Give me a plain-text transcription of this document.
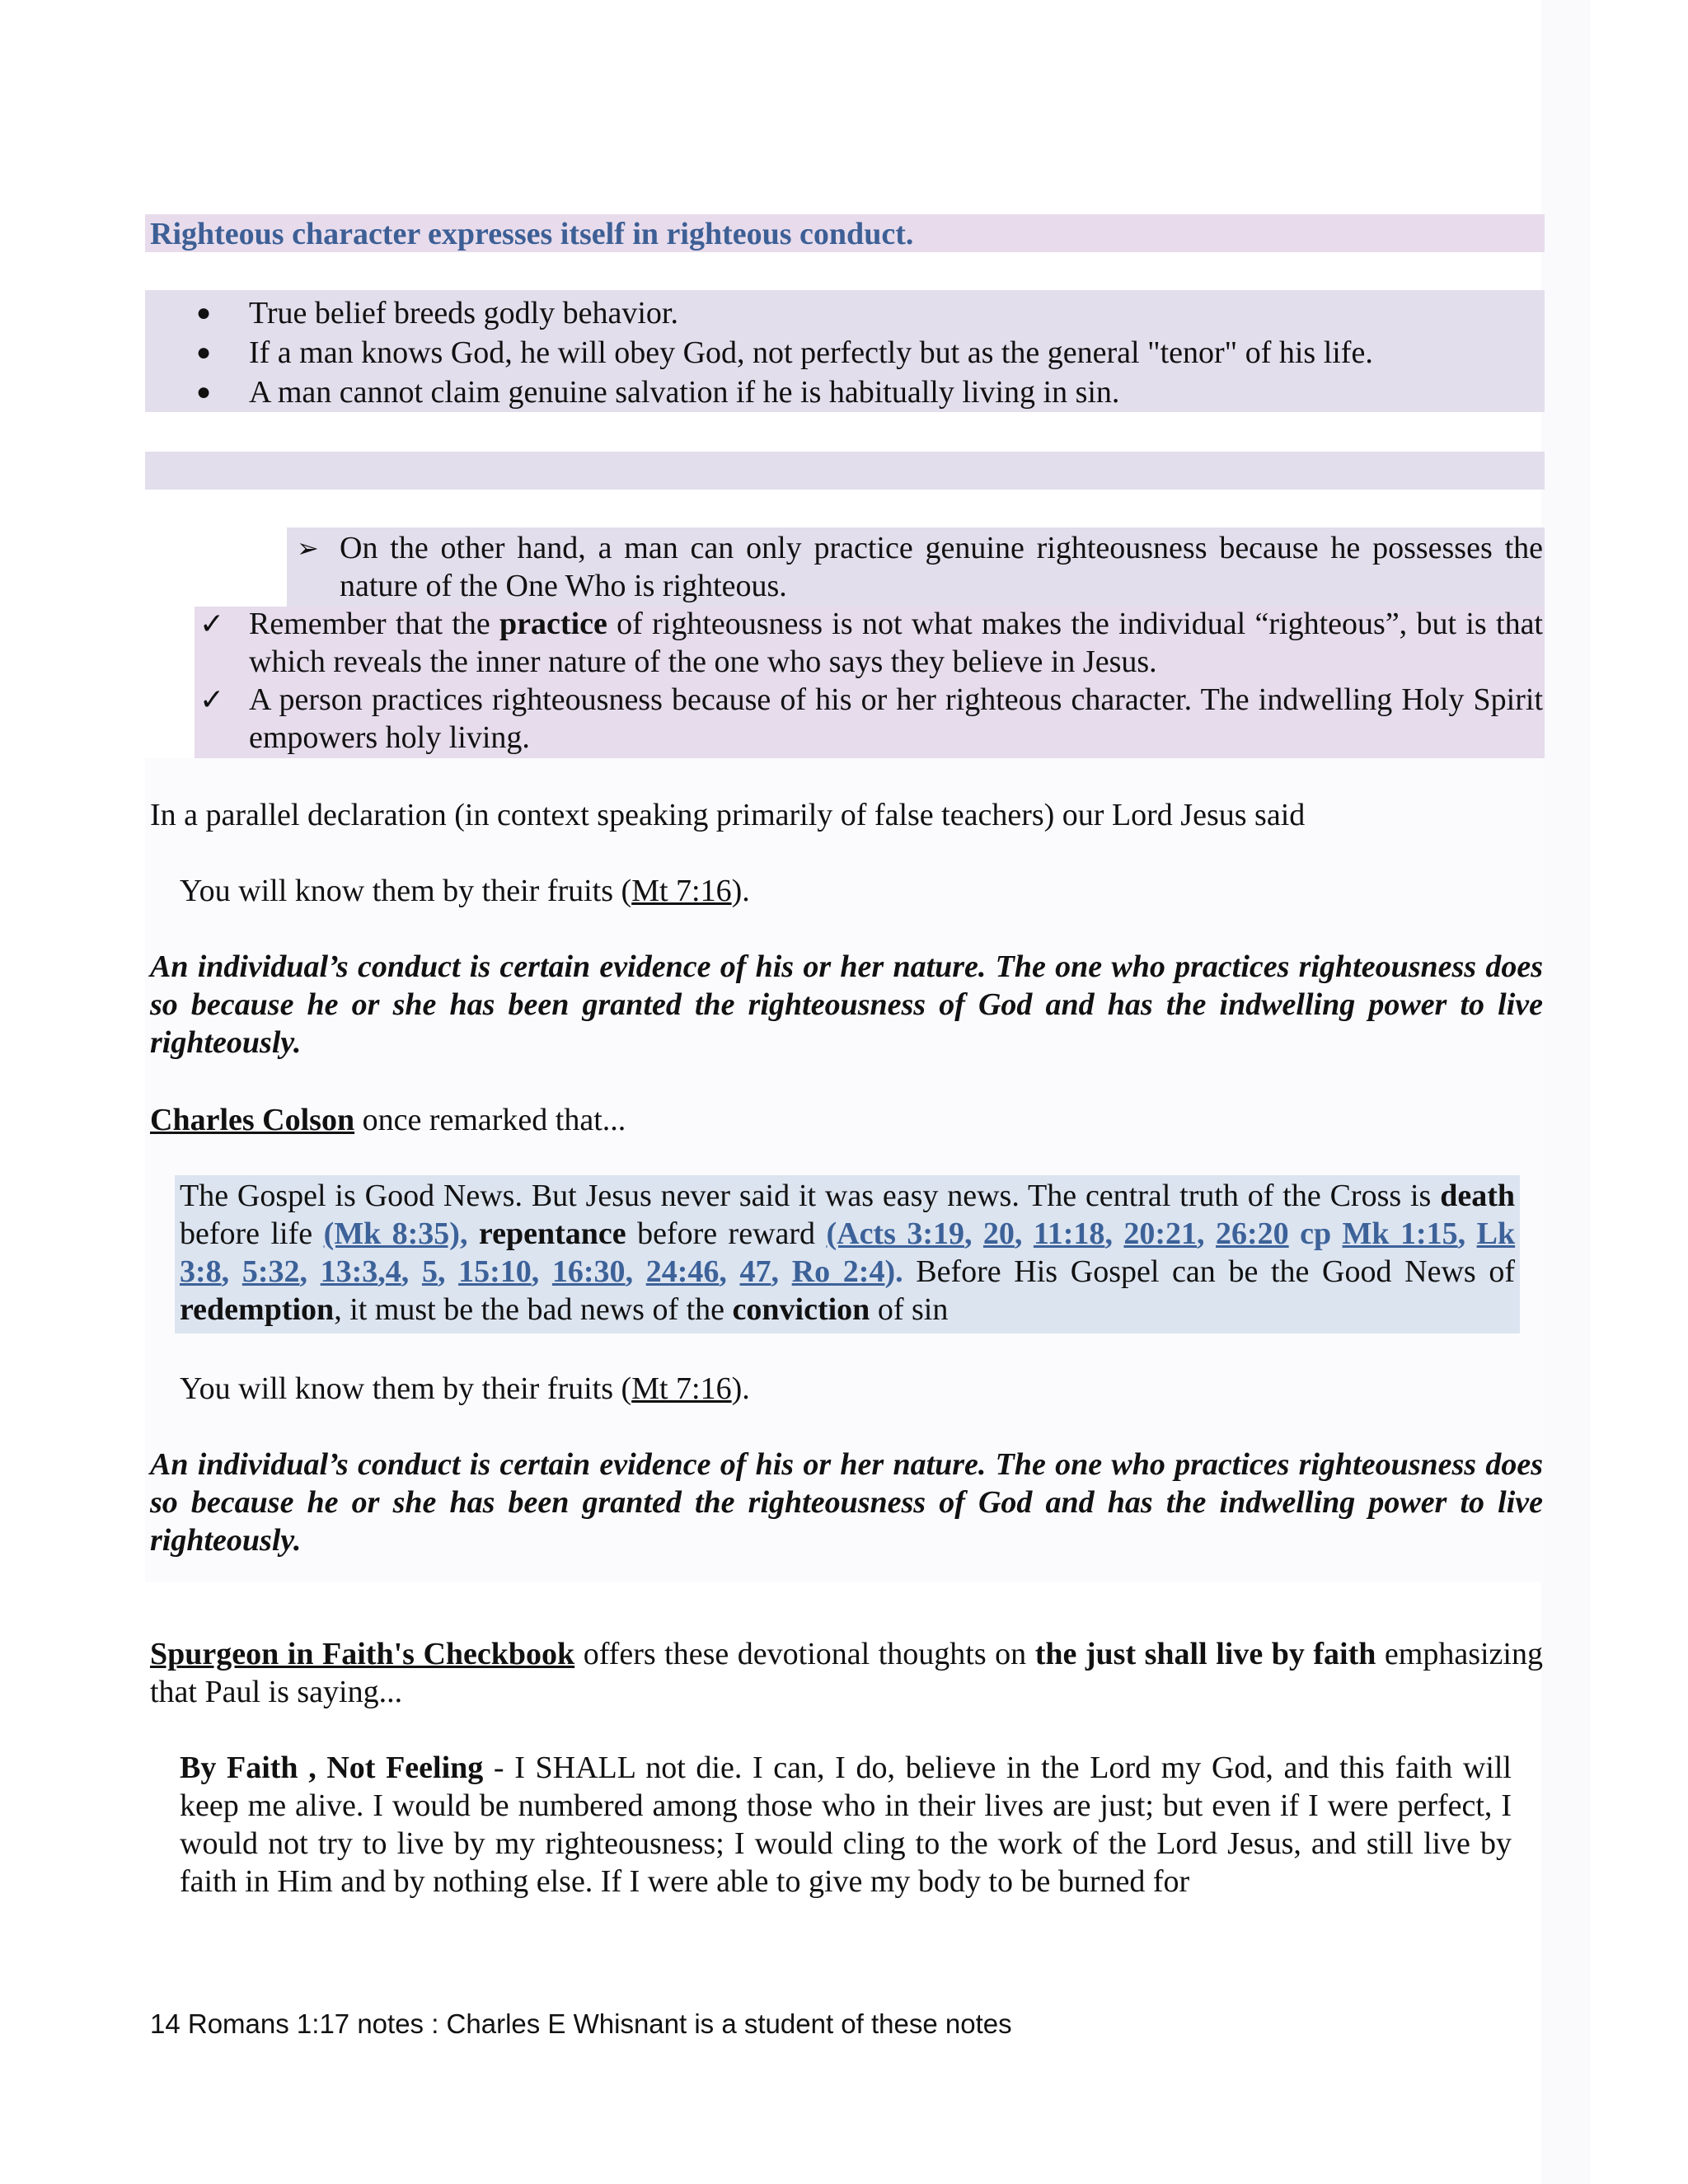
Righteous character expresses itself in righteous conduct.
● True belief breeds godly behavior.
● If a man knows God, he will obey God, not perfectly but as the general "tenor" of his life.
● A man cannot claim genuine salvation if he is habitually living in sin.
➢ On the other hand, a man can only practice genuine righteousness because he possesses the nature of the One Who is righteous.
✓ Remember that the practice of righteousness is not what makes the individual “righteous”, but is that which reveals the inner nature of the one who says they believe in Jesus.
✓ A person practices righteousness because of his or her righteous character. The indwelling Holy Spirit empowers holy living.
In a parallel declaration (in context speaking primarily of false teachers) our Lord Jesus said
You will know them by their fruits (Mt 7:16).
An individual’s conduct is certain evidence of his or her nature. The one who practices righteousness does so because he or she has been granted the righteousness of God and has the indwelling power to live righteously.
Charles Colson once remarked that...
The Gospel is Good News. But Jesus never said it was easy news. The central truth of the Cross is death before life (Mk 8:35), repentance before reward (Acts 3:19, 20, 11:18, 20:21, 26:20 cp Mk 1:15, Lk 3:8, 5:32, 13:3,4, 5, 15:10, 16:30, 24:46, 47, Ro 2:4). Before His Gospel can be the Good News of redemption, it must be the bad news of the conviction of sin
You will know them by their fruits (Mt 7:16).
An individual’s conduct is certain evidence of his or her nature. The one who practices righteousness does so because he or she has been granted the righteousness of God and has the indwelling power to live righteously.
Spurgeon in Faith's Checkbook offers these devotional thoughts on the just shall live by faith emphasizing that Paul is saying...
By Faith , Not Feeling - I SHALL not die. I can, I do, believe in the Lord my God, and this faith will keep me alive. I would be numbered among those who in their lives are just; but even if I were perfect, I would not try to live by my righteousness; I would cling to the work of the Lord Jesus, and still live by faith in Him and by nothing else. If I were able to give my body to be burned for
14 Romans 1:17 notes : Charles E Whisnant is a student of these notes
